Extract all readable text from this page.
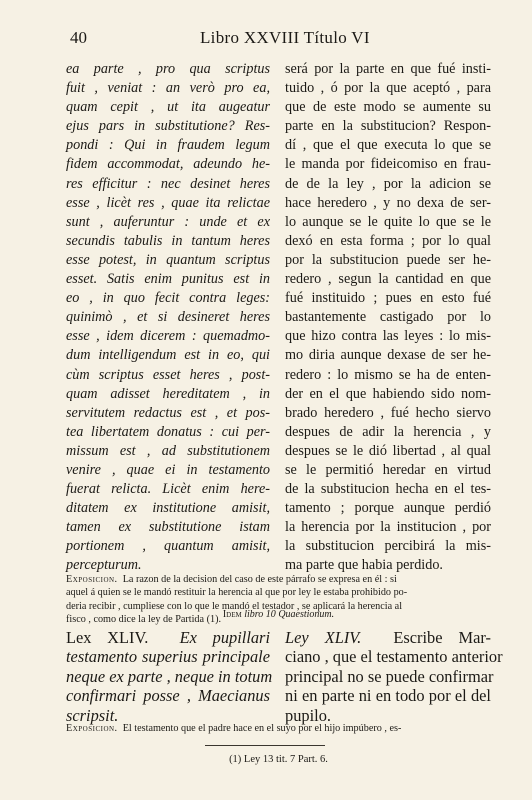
40	Libro XXVIII Título VI
ea parte , pro qua scriptus
fuit , veniat : an verò pro ea,
quam cepit , ut ita augeatur
ejus pars in substitutione? Res-
pondi : Qui in fraudem legum
fidem accommodat, adeundo he-
res efficitur : nec desinet heres
esse , licèt res , quae ita relictae
sunt , auferuntur : unde et ex
secundis tabulis in tantum heres
esse potest, in quantum scriptus
esset. Satis enim punitus est in
eo , in quo fecit contra leges:
quinimò , et si desineret heres
esse , idem dicerem : quemadmo-
dum intelligendum est in eo, qui
cùm scriptus esset heres , post-
quam adisset hereditatem , in
servitutem redactus est , et pos-
tea libertatem donatus : cui per-
missum est , ad substitutionem
venire , quae ei in testamento
fuerat relicta. Licèt enim here-
ditatem ex institutione amisit,
tamen ex substitutione istam
portionem , quantum amisit,
percepturum.
será por la parte en que fué insti-
tuido , ó por la que aceptó , para
que de este modo se aumente su
parte en la substitucion? Respon-
dí , que el que executa lo que se
le manda por fideicomiso en frau-
de de la ley , por la adicion se
hace heredero , y no dexa de ser-
lo aunque se le quite lo que se le
dexó en esta forma ; por lo qual
por la substitucion puede ser he-
redero , segun la cantidad en que
fué instituido ; pues en esto fué
bastantemente castigado por lo
que hizo contra las leyes : lo mis-
mo diria aunque dexase de ser he-
redero : lo mismo se ha de enten-
der en el que habiendo sido nom-
brado heredero , fué hecho siervo
despues de adir la herencia , y
despues se le dió libertad , al qual
se le permitió heredar en virtud
de la substitucion hecha en el tes-
tamento ; porque aunque perdió
la herencia por la institucion , por
la substitucion percibirá la mis-
ma parte que habia perdido.
Exposicion. La razon de la decision del caso de este párrafo se expresa en él : si
aquel á quien se le mandó restituir la herencia al que por ley le estaba prohibido po-
deria recibir , cumpliese con lo que le mandó el testador , se aplicará la herencia al
fisco , como dice la ley de Partida (1). Idem libro 10 Quaestionum.
Lex XLIV. Ex pupillari
testamento superius principale
neque ex parte , neque in totum
confirmari posse , Maecianus
scripsit.
Ley XLIV. Escribe Mar-
ciano , que el testamento anterior
principal no se puede confirmar
ni en parte ni en todo por el del
pupilo.
Exposicion. El testamento que el padre hace en el suyo por el hijo impúbero , es-
(1) Ley 13 tit. 7 Part. 6.
